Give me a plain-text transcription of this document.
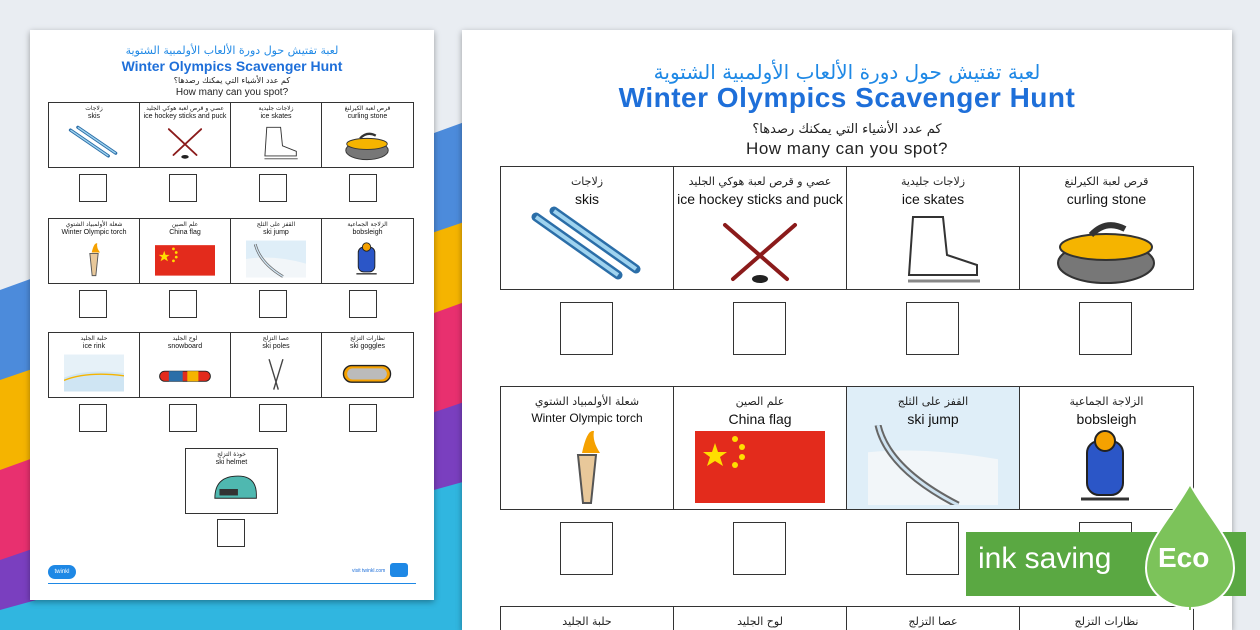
لعبة تفتيش حول دورة الألعاب الأولمبية الشتوية
Winter Olympics Scavenger Hunt
كم عدد الأشياء التي يمكنك رصدها؟
How many can you spot?
زلاجات
skis
عصي و قرص لعبة هوكي الجليد
ice hockey sticks and puck
زلاجات جليدية
ice skates
قرص لعبة الكيرلنغ
curling stone
شعلة الأولمبياد الشتوي
Winter Olympic torch
علم الصين
China flag
القفز على الثلج
ski jump
الزلاجة الجماعية
bobsleigh
حلبة الجليد
ice rink
لوح الجليد
snowboard
عصا التزلج
ski poles
نظارات التزلج
ski goggles
خوذة التزلج
ski helmet
twinkl	visit twinkl.com
لعبة تفتيش حول دورة الألعاب الأولمبية الشتوية
Winter Olympics Scavenger Hunt
كم عدد الأشياء التي يمكنك رصدها؟
How many can you spot?
زلاجات
skis
عصي و قرص لعبة هوكي الجليد
ice hockey sticks and puck
زلاجات جليدية
ice skates
قرص لعبة الكيرلنغ
curling stone
شعلة الأولمبياد الشتوي
Winter Olympic torch
علم الصين
China flag
القفز على الثلج
ski jump
الزلاجة الجماعية
bobsleigh
حلبة الجليد	لوح الجليد	عصا التزلج	نظارات التزلج
ink saving Eco
